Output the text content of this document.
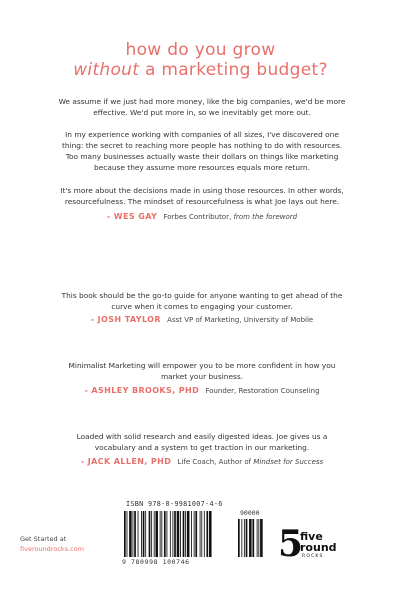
how do you grow
without a marketing budget?
We assume if we just had more money, like the big companies, we'd be more effective. We'd put more in, so we inevitably get more out.
In my experience working with companies of all sizes, I've discovered one thing: the secret to reaching more people has nothing to do with resources. Too many businesses actually waste their dollars on things like marketing because they assume more resources equals more return.
It's more about the decisions made in using those resources. In other words, resourcefulness. The mindset of resourcefulness is what Joe lays out here.
- WES GAY Forbes Contributor, from the foreword
This book should be the go-to guide for anyone wanting to get ahead of the curve when it comes to engaging your customer.
- JOSH TAYLOR Asst VP of Marketing, University of Mobile
Minimalist Marketing will empower you to be more confident in how you market your business.
- ASHLEY BROOKS, PHD Founder, Restoration Counseling
Loaded with solid research and easily digested ideas. Joe gives us a vocabulary and a system to get traction in our marketing.
- JACK ALLEN, PHD Life Coach, Author of Mindset for Success
Get Started at
fiveroundrocks.com
ISBN 978-0-9981007-4-6
9 780998 100746
90000
5
five
round
ROCKS
